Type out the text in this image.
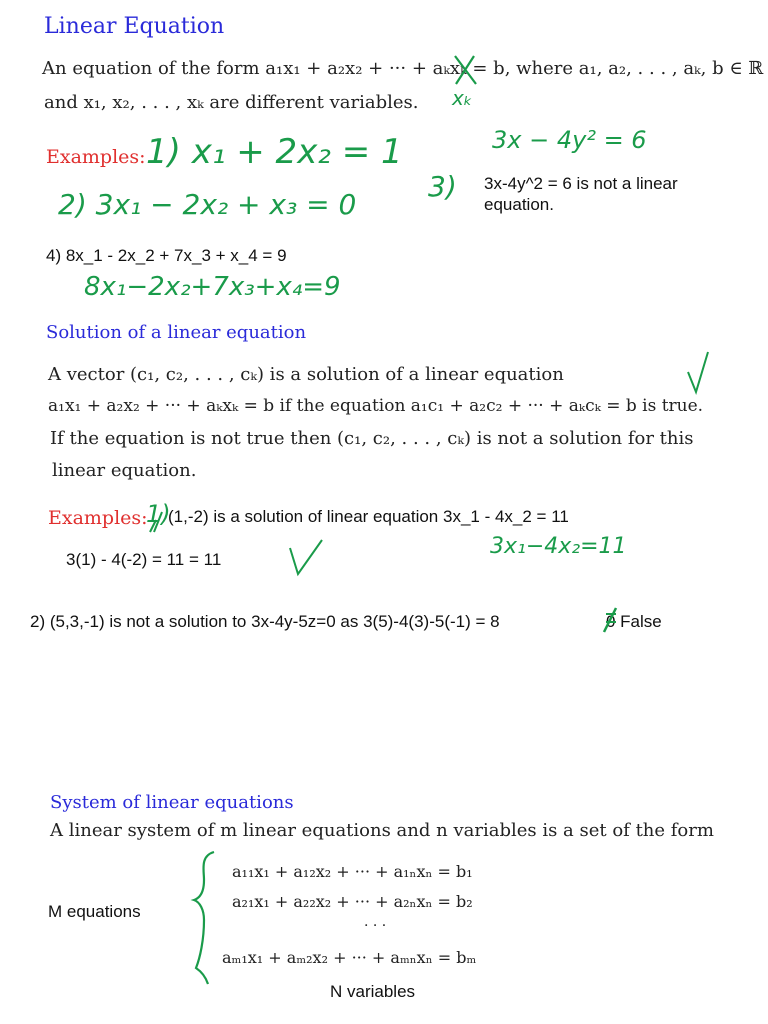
Linear Equation
An equation of the form a₁x₁ + a₂x₂ + ··· + aₖxₖ = b, where a₁, a₂, . . . , aₖ, b ∈ ℝ
and x₁, x₂, . . . , xₖ are different variables. xₖ
Examples: 1) x₁ + 2x₂ = 1	3x − 4y² = 6
3) 3x-4y^2 = 6 is not a linear
equation.
2) 3x₁ − 2x₂ + x₃ = 0
4) 8x_1 - 2x_2 + 7x_3 + x_4 = 9
8x₁−2x₂+7x₃+x₄=9
Solution of a linear equation
A vector (c₁, c₂, . . . , cₖ) is a solution of a linear equation
a₁x₁ + a₂x₂ + ··· + aₖxₖ = b if the equation a₁c₁ + a₂c₂ + ··· + aₖcₖ = b is true.
If the equation is not true then (c₁, c₂, . . . , cₖ) is not a solution for this
linear equation.
Examples:
1)
(1,-2) is a solution of linear equation 3x_1 - 4x_2 = 11
3(1) - 4(-2) = 11 = 11
3x₁−4x₂=11
2) (5,3,-1) is not a solution to 3x-4y-5z=0 as 3(5)-4(3)-5(-1) = 8	0 False
System of linear equations
A linear system of m linear equations and n variables is a set of the form
a₁₁x₁ + a₁₂x₂ + ··· + a₁ₙxₙ = b₁
a₂₁x₁ + a₂₂x₂ + ··· + a₂ₙxₙ = b₂
· · ·
aₘ₁x₁ + aₘ₂x₂ + ··· + aₘₙxₙ = bₘ
M equations
N variables
